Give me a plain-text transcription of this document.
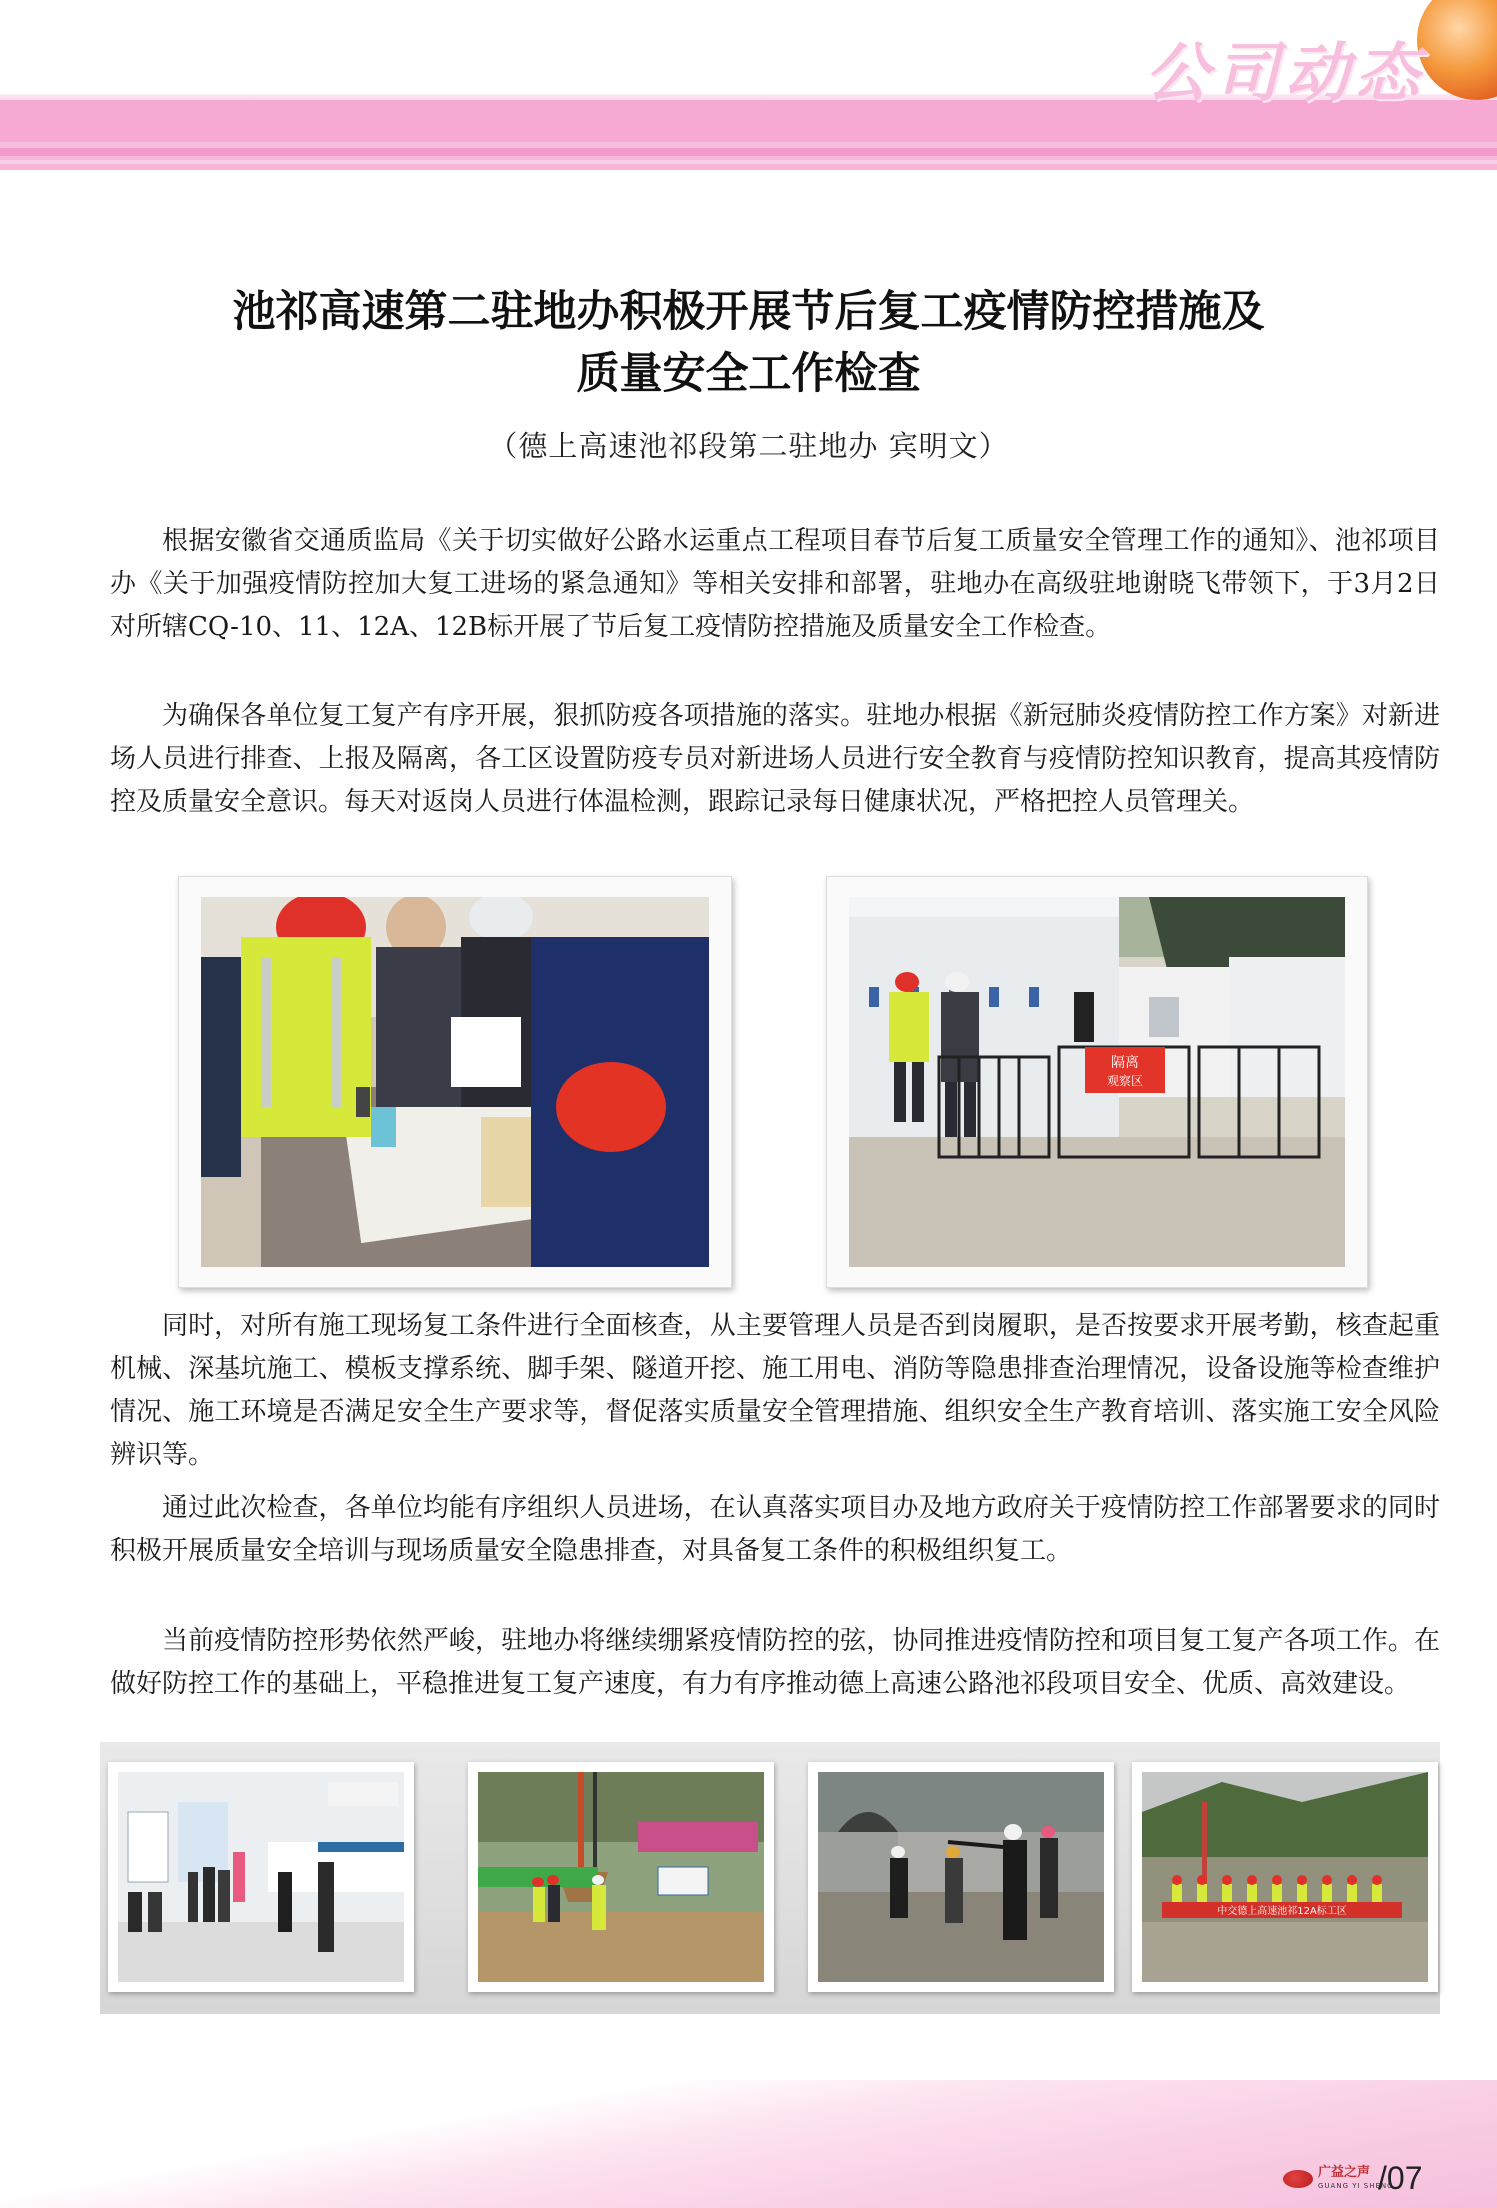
公司动态
池祁高速第二驻地办积极开展节后复工疫情防控措施及
质量安全工作检查
（德上高速池祁段第二驻地办 宾明文）

根据安徽省交通质监局《关于切实做好公路水运重点工程项目春节后复工质量安全管理工作的通知》、池祁项目办《关于加强疫情防控加大复工进场的紧急通知》等相关安排和部署，驻地办在高级驻地谢晓飞带领下，于3月2日对所辖CQ-10、11、12A、12B标开展了节后复工疫情防控措施及质量安全工作检查。

为确保各单位复工复产有序开展，狠抓防疫各项措施的落实。驻地办根据《新冠肺炎疫情防控工作方案》对新进场人员进行排查、上报及隔离，各工区设置防疫专员对新进场人员进行安全教育与疫情防控知识教育，提高其疫情防控及质量安全意识。每天对返岗人员进行体温检测，跟踪记录每日健康状况，严格把控人员管理关。

隔离
观察区

同时，对所有施工现场复工条件进行全面核查，从主要管理人员是否到岗履职，是否按要求开展考勤，核查起重机械、深基坑施工、模板支撑系统、脚手架、隧道开挖、施工用电、消防等隐患排查治理情况，设备设施等检查维护情况、施工环境是否满足安全生产要求等，督促落实质量安全管理措施、组织安全生产教育培训、落实施工安全风险辨识等。

通过此次检查，各单位均能有序组织人员进场，在认真落实项目办及地方政府关于疫情防控工作部署要求的同时积极开展质量安全培训与现场质量安全隐患排查，对具备复工条件的积极组织复工。

当前疫情防控形势依然严峻，驻地办将继续绷紧疫情防控的弦，协同推进疫情防控和项目复工复产各项工作。在做好防控工作的基础上，平稳推进复工复产速度，有力有序推动德上高速公路池祁段项目安全、优质、高效建设。

中交德上高速池祁12A标工区
广益之声
GUANG YI SHENG
/07
